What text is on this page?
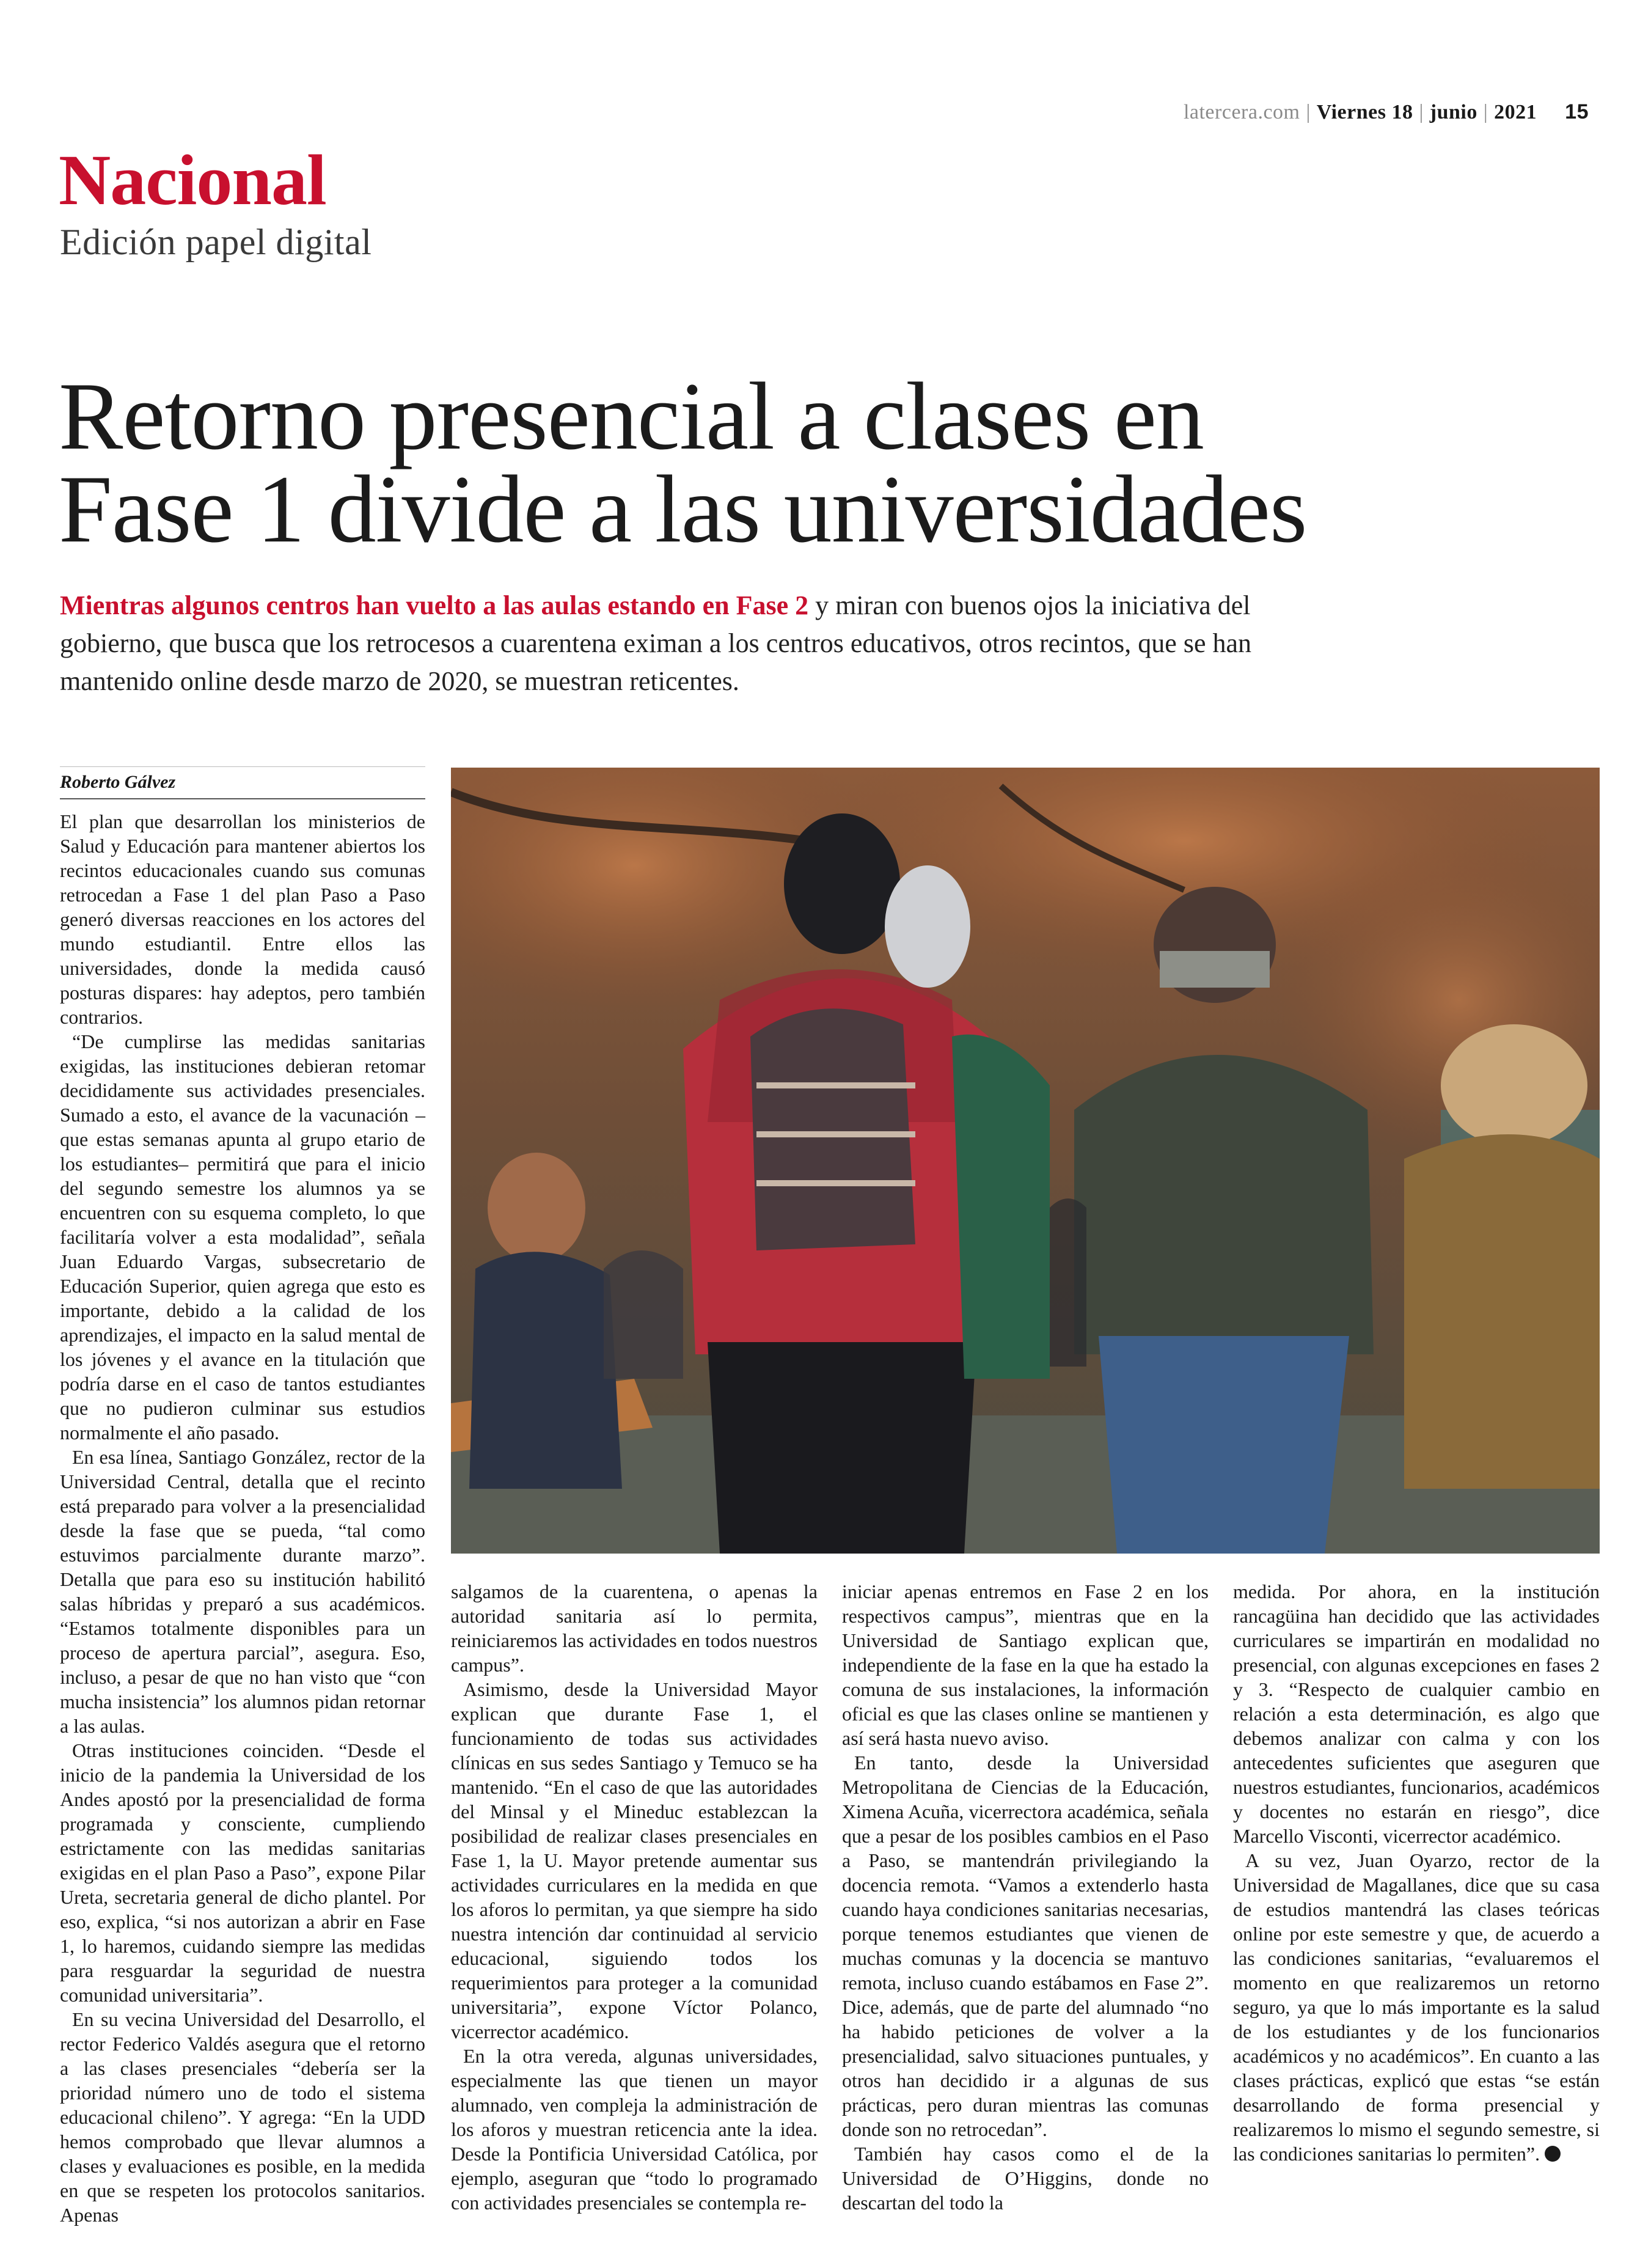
latercera.com | Viernes 18 | junio | 2021 15
Nacional
Edición papel digital
Retorno presencial a clases en
Fase 1 divide a las universidades
Mientras algunos centros han vuelto a las aulas estando en Fase 2 y miran con buenos ojos la iniciativa del gobierno, que busca que los retrocesos a cuarentena eximan a los centros educativos, otros recintos, que se han mantenido online desde marzo de 2020, se muestran reticentes.
Roberto Gálvez

El plan que desarrollan los ministerios de Salud y Educación para mantener abiertos los recintos educacionales cuando sus comunas retrocedan a Fase 1 del plan Paso a Paso generó diversas reacciones en los actores del mundo estudiantil. Entre ellos las universidades, donde la medida causó posturas dispares: hay adeptos, pero también contrarios.

“De cumplirse las medidas sanitarias exigidas, las instituciones debieran retomar decididamente sus actividades presenciales. Sumado a esto, el avance de la vacunación –que estas semanas apunta al grupo etario de los estudiantes– permitirá que para el inicio del segundo semestre los alumnos ya se encuentren con su esquema completo, lo que facilitaría volver a esta modalidad”, señala Juan Eduardo Vargas, subsecretario de Educación Superior, quien agrega que esto es importante, debido a la calidad de los aprendizajes, el impacto en la salud mental de los jóvenes y el avance en la titulación que podría darse en el caso de tantos estudiantes que no pudieron culminar sus estudios normalmente el año pasado.

En esa línea, Santiago González, rector de la Universidad Central, detalla que el recinto está preparado para volver a la presencialidad desde la fase que se pueda, “tal como estuvimos parcialmente durante marzo”. Detalla que para eso su institución habilitó salas híbridas y preparó a sus académicos. “Estamos totalmente disponibles para un proceso de apertura parcial”, asegura. Eso, incluso, a pesar de que no han visto que “con mucha insistencia” los alumnos pidan retornar a las aulas.

Otras instituciones coinciden. “Desde el inicio de la pandemia la Universidad de los Andes apostó por la presencialidad de forma programada y consciente, cumpliendo estrictamente con las medidas sanitarias exigidas en el plan Paso a Paso”, expone Pilar Ureta, secretaria general de dicho plantel. Por eso, explica, “si nos autorizan a abrir en Fase 1, lo haremos, cuidando siempre las medidas para resguardar la seguridad de nuestra comunidad universitaria”.

En su vecina Universidad del Desarrollo, el rector Federico Valdés asegura que el retorno a las clases presenciales “debería ser la prioridad número uno de todo el sistema educacional chileno”. Y agrega: “En la UDD hemos comprobado que llevar alumnos a clases y evaluaciones es posible, en la medida en que se respeten los protocolos sanitarios. Apenas

salgamos de la cuarentena, o apenas la autoridad sanitaria así lo permita, reiniciaremos las actividades en todos nuestros campus”.

Asimismo, desde la Universidad Mayor explican que durante Fase 1, el funcionamiento de todas sus actividades clínicas en sus sedes Santiago y Temuco se ha mantenido. “En el caso de que las autoridades del Minsal y el Mineduc establezcan la posibilidad de realizar clases presenciales en Fase 1, la U. Mayor pretende aumentar sus actividades curriculares en la medida en que los aforos lo permitan, ya que siempre ha sido nuestra intención dar continuidad al servicio educacional, siguiendo todos los requerimientos para proteger a la comunidad universitaria”, expone Víctor Polanco, vicerrector académico.

En la otra vereda, algunas universidades, especialmente las que tienen un mayor alumnado, ven compleja la administración de los aforos y muestran reticencia ante la idea. Desde la Pontificia Universidad Católica, por ejemplo, aseguran que “todo lo programado con actividades presenciales se contempla re-

iniciar apenas entremos en Fase 2 en los respectivos campus”, mientras que en la Universidad de Santiago explican que, independiente de la fase en la que ha estado la comuna de sus instalaciones, la información oficial es que las clases online se mantienen y así será hasta nuevo aviso.

En tanto, desde la Universidad Metropolitana de Ciencias de la Educación, Ximena Acuña, vicerrectora académica, señala que a pesar de los posibles cambios en el Paso a Paso, se mantendrán privilegiando la docencia remota. “Vamos a extenderlo hasta cuando haya condiciones sanitarias necesarias, porque tenemos estudiantes que vienen de muchas comunas y la docencia se mantuvo remota, incluso cuando estábamos en Fase 2”. Dice, además, que de parte del alumnado “no ha habido peticiones de volver a la presencialidad, salvo situaciones puntuales, y otros han decidido ir a algunas de sus prácticas, pero duran mientras las comunas donde son no retrocedan”.

También hay casos como el de la Universidad de O’Higgins, donde no descartan del todo la

medida. Por ahora, en la institución rancagüina han decidido que las actividades curriculares se impartirán en modalidad no presencial, con algunas excepciones en fases 2 y 3. “Respecto de cualquier cambio en relación a esta determinación, es algo que debemos analizar con calma y con los antecedentes suficientes que aseguren que nuestros estudiantes, funcionarios, académicos y docentes no estarán en riesgo”, dice Marcello Visconti, vicerrector académico.

A su vez, Juan Oyarzo, rector de la Universidad de Magallanes, dice que su casa de estudios mantendrá las clases teóricas online por este semestre y que, de acuerdo a las condiciones sanitarias, “evaluaremos el momento en que realizaremos un retorno seguro, ya que lo más importante es la salud de los estudiantes y de los funcionarios académicos y no académicos”. En cuanto a las clases prácticas, explicó que estas “se están desarrollando de forma presencial y realizaremos lo mismo el segundo semestre, si las condiciones sanitarias lo permiten”.
